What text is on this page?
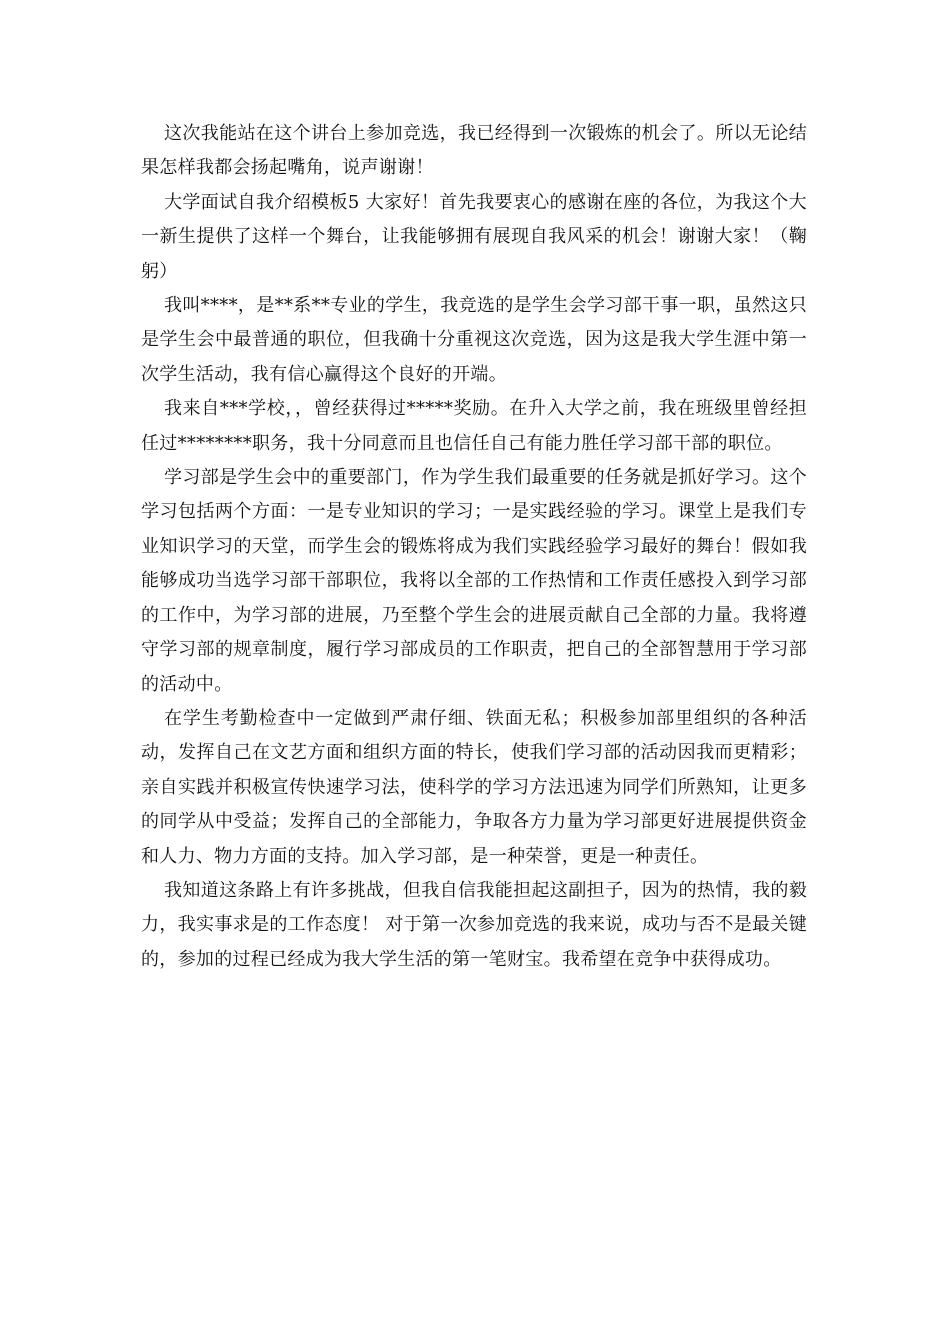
这次我能站在这个讲台上参加竞选，我已经得到一次锻炼的机会了。所以无论结果怎样我都会扬起嘴角，说声谢谢！

大学面试自我介绍模板5 大家好！首先我要衷心的感谢在座的各位，为我这个大一新生提供了这样一个舞台，让我能够拥有展现自我风采的机会！谢谢大家！（鞠躬）

我叫****，是**系**专业的学生，我竞选的是学生会学习部干事一职，虽然这只是学生会中最普通的职位，但我确十分重视这次竞选，因为这是我大学生涯中第一次学生活动，我有信心赢得这个良好的开端。

我来自***学校，，曾经获得过*****奖励。在升入大学之前，我在班级里曾经担任过********职务，我十分同意而且也信任自己有能力胜任学习部干部的职位。

学习部是学生会中的重要部门，作为学生我们最重要的任务就是抓好学习。这个学习包括两个方面：一是专业知识的学习；一是实践经验的学习。课堂上是我们专业知识学习的天堂，而学生会的锻炼将成为我们实践经验学习最好的舞台！假如我能够成功当选学习部干部职位，我将以全部的工作热情和工作责任感投入到学习部的工作中，为学习部的进展，乃至整个学生会的进展贡献自己全部的力量。我将遵守学习部的规章制度，履行学习部成员的工作职责，把自己的全部智慧用于学习部的活动中。

在学生考勤检查中一定做到严肃仔细、铁面无私；积极参加部里组织的各种活动，发挥自己在文艺方面和组织方面的特长，使我们学习部的活动因我而更精彩；亲自实践并积极宣传快速学习法，使科学的学习方法迅速为同学们所熟知，让更多的同学从中受益；发挥自己的全部能力，争取各方力量为学习部更好进展提供资金和人力、物力方面的支持。加入学习部，是一种荣誉，更是一种责任。

我知道这条路上有许多挑战，但我自信我能担起这副担子，因为的热情，我的毅力，我实事求是的工作态度！ 对于第一次参加竞选的我来说，成功与否不是最关键的，参加的过程已经成为我大学生活的第一笔财宝。我希望在竞争中获得成功。
